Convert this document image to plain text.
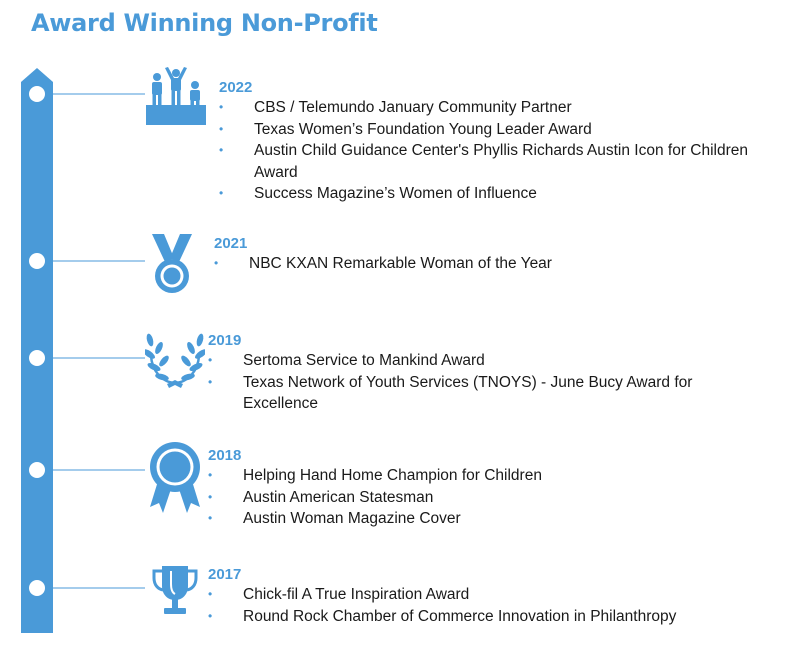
Award Winning Non-Profit
2022
• CBS / Telemundo January Community Partner
• Texas Women’s Foundation Young Leader Award
• Austin Child Guidance Center's Phyllis Richards Austin Icon for Children Award
• Success Magazine’s Women of Influence
2021
• NBC KXAN Remarkable Woman of the Year
2019
• Sertoma Service to Mankind Award
• Texas Network of Youth Services (TNOYS) - June Bucy Award for Excellence
2018
• Helping Hand Home Champion for Children
• Austin American Statesman
• Austin Woman Magazine Cover
2017
• Chick-fil A True Inspiration Award
• Round Rock Chamber of Commerce Innovation in Philanthropy
